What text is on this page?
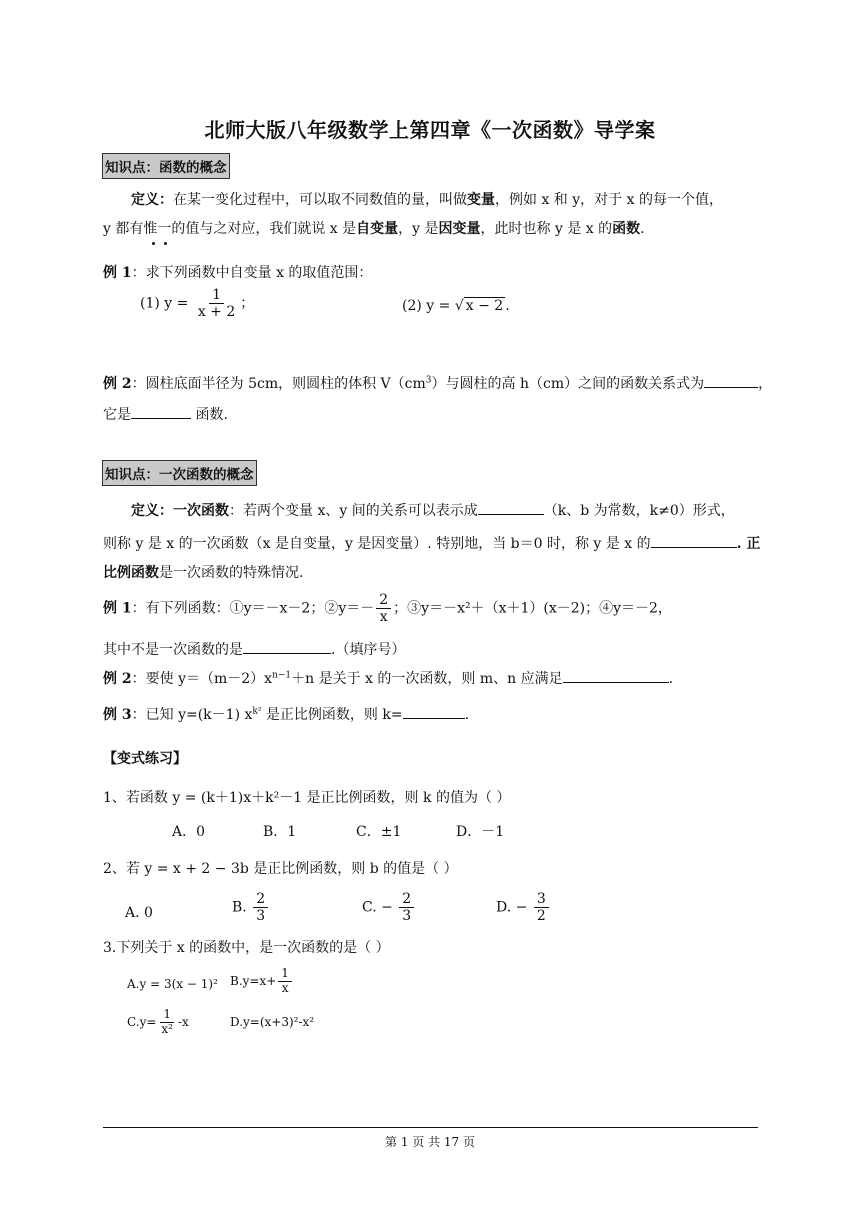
北师大版八年级数学上第四章《一次函数》导学案
知识点：函数的概念
定义：在某一变化过程中，可以取不同数值的量，叫做变量，例如 x 和 y，对于 x 的每一个值，
y 都有惟一的值与之对应，我们就说 x 是自变量，y 是因变量，此时也称 y 是 x 的函数.
例 1：求下列函数中自变量 x 的取值范围：
(1) $y = \frac{1}{x + 2}$ ；	(2) y = √ x − 2 .
例 2：圆柱底面半径为 5cm，则圆柱的体积 $V(cm^3)$与圆柱的高 h（cm）之间的函数关系式为	，
它是	函数.
知识点：一次函数的概念
定义：一次函数：若两个变量 x、y 间的关系可以表示成	（k、b 为常数，k≠0）形式，
则称 y 是 x 的一次函数（x 是自变量，y 是因变量）. 特别地，当 b＝0 时，称 y 是 x 的	. 正
比例函数是一次函数的特殊情况.
例 1：有下列函数：①y＝－x－2；②y＝－ $\frac{2}{x}$ ；③y＝－x²＋（x＋1）(x－2)；④y＝－2，
其中不是一次函数的是	.（填序号）
例 2：要使 $y=(m-2)x^{n-1}+n$ 是关于 x 的一次函数，则 m、n 应满足	.
例 3：已知 y=(k－1) $x^{k^2}$ 是正比例函数，则 k=	.
【变式练习】
1、若函数 y = (k＋1)x＋k²－1 是正比例函数，则 k 的值为（ ）
A．0	B．1	C．±1	D．－1
2、若 y = x + 2 − 3b 是正比例函数，则 b 的值是（ ）
A. 0	B. $\frac{2}{3}$	C. − $\frac{2}{3}$	D. − $\frac{3}{2}$
3.下列关于 x 的函数中，是一次函数的是（ ）
A.y = 3(x − 1)² $B.y=x+ \frac{1}{x}$
$C.y= \frac{1}{\text{x²}} -x$	D.y=(x+3)²-x²
第 1 页 共 17 页
